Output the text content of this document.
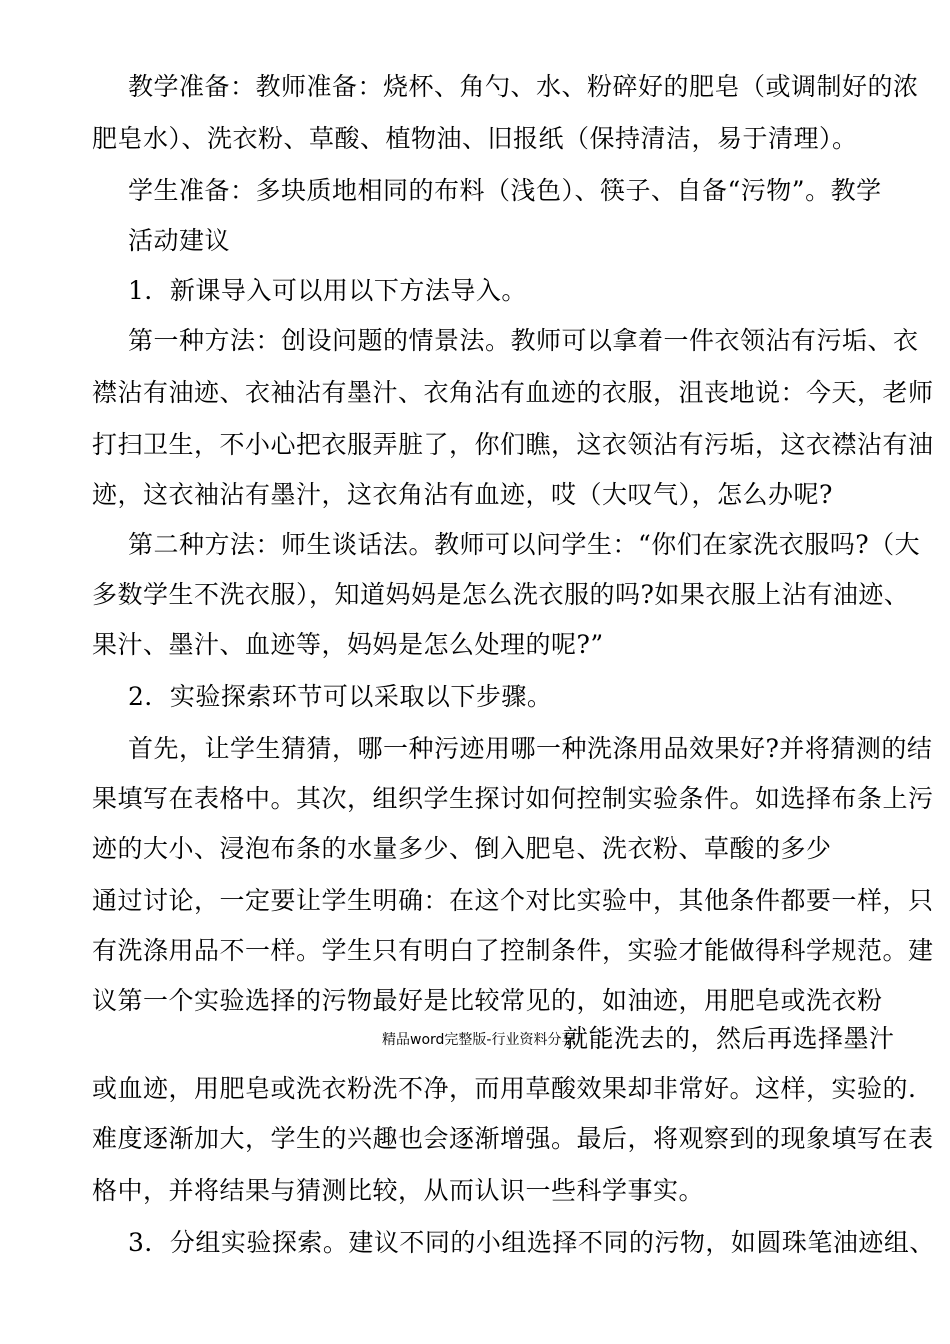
教学准备：教师准备：烧杯、角勺、水、粉碎好的肥皂（或调制好的浓
肥皂水）、洗衣粉、草酸、植物油、旧报纸（保持清洁，易于清理）。
学生准备：多块质地相同的布料（浅色）、筷子、自备“污物”。教学
活动建议
1．新课导入可以用以下方法导入。
第一种方法：创设问题的情景法。教师可以拿着一件衣领沾有污垢、衣
襟沾有油迹、衣袖沾有墨汁、衣角沾有血迹的衣服，沮丧地说：今天，老师
打扫卫生，不小心把衣服弄脏了，你们瞧，这衣领沾有污垢，这衣襟沾有油
迹，这衣袖沾有墨汁，这衣角沾有血迹，哎（大叹气），怎么办呢?
第二种方法：师生谈话法。教师可以问学生：“你们在家洗衣服吗?（大
多数学生不洗衣服），知道妈妈是怎么洗衣服的吗?如果衣服上沾有油迹、
果汁、墨汁、血迹等，妈妈是怎么处理的呢?”
2．实验探索环节可以采取以下步骤。
首先，让学生猜猜，哪一种污迹用哪一种洗涤用品效果好?并将猜测的结
果填写在表格中。其次，组织学生探讨如何控制实验条件。如选择布条上污
迹的大小、浸泡布条的水量多少、倒入肥皂、洗衣粉、草酸的多少
通过讨论，一定要让学生明确：在这个对比实验中，其他条件都要一样，只
有洗涤用品不一样。学生只有明白了控制条件，实验才能做得科学规范。建
议第一个实验选择的污物最好是比较常见的，如油迹，用肥皂或洗衣粉
精品word完整版-行业资料分享
就能洗去的，然后再选择墨汁
或血迹，用肥皂或洗衣粉洗不净，而用草酸效果却非常好。这样，实验的.
难度逐渐加大，学生的兴趣也会逐渐增强。最后，将观察到的现象填写在表
格中，并将结果与猜测比较，从而认识一些科学事实。
3．分组实验探索。建议不同的小组选择不同的污物，如圆珠笔油迹组、
